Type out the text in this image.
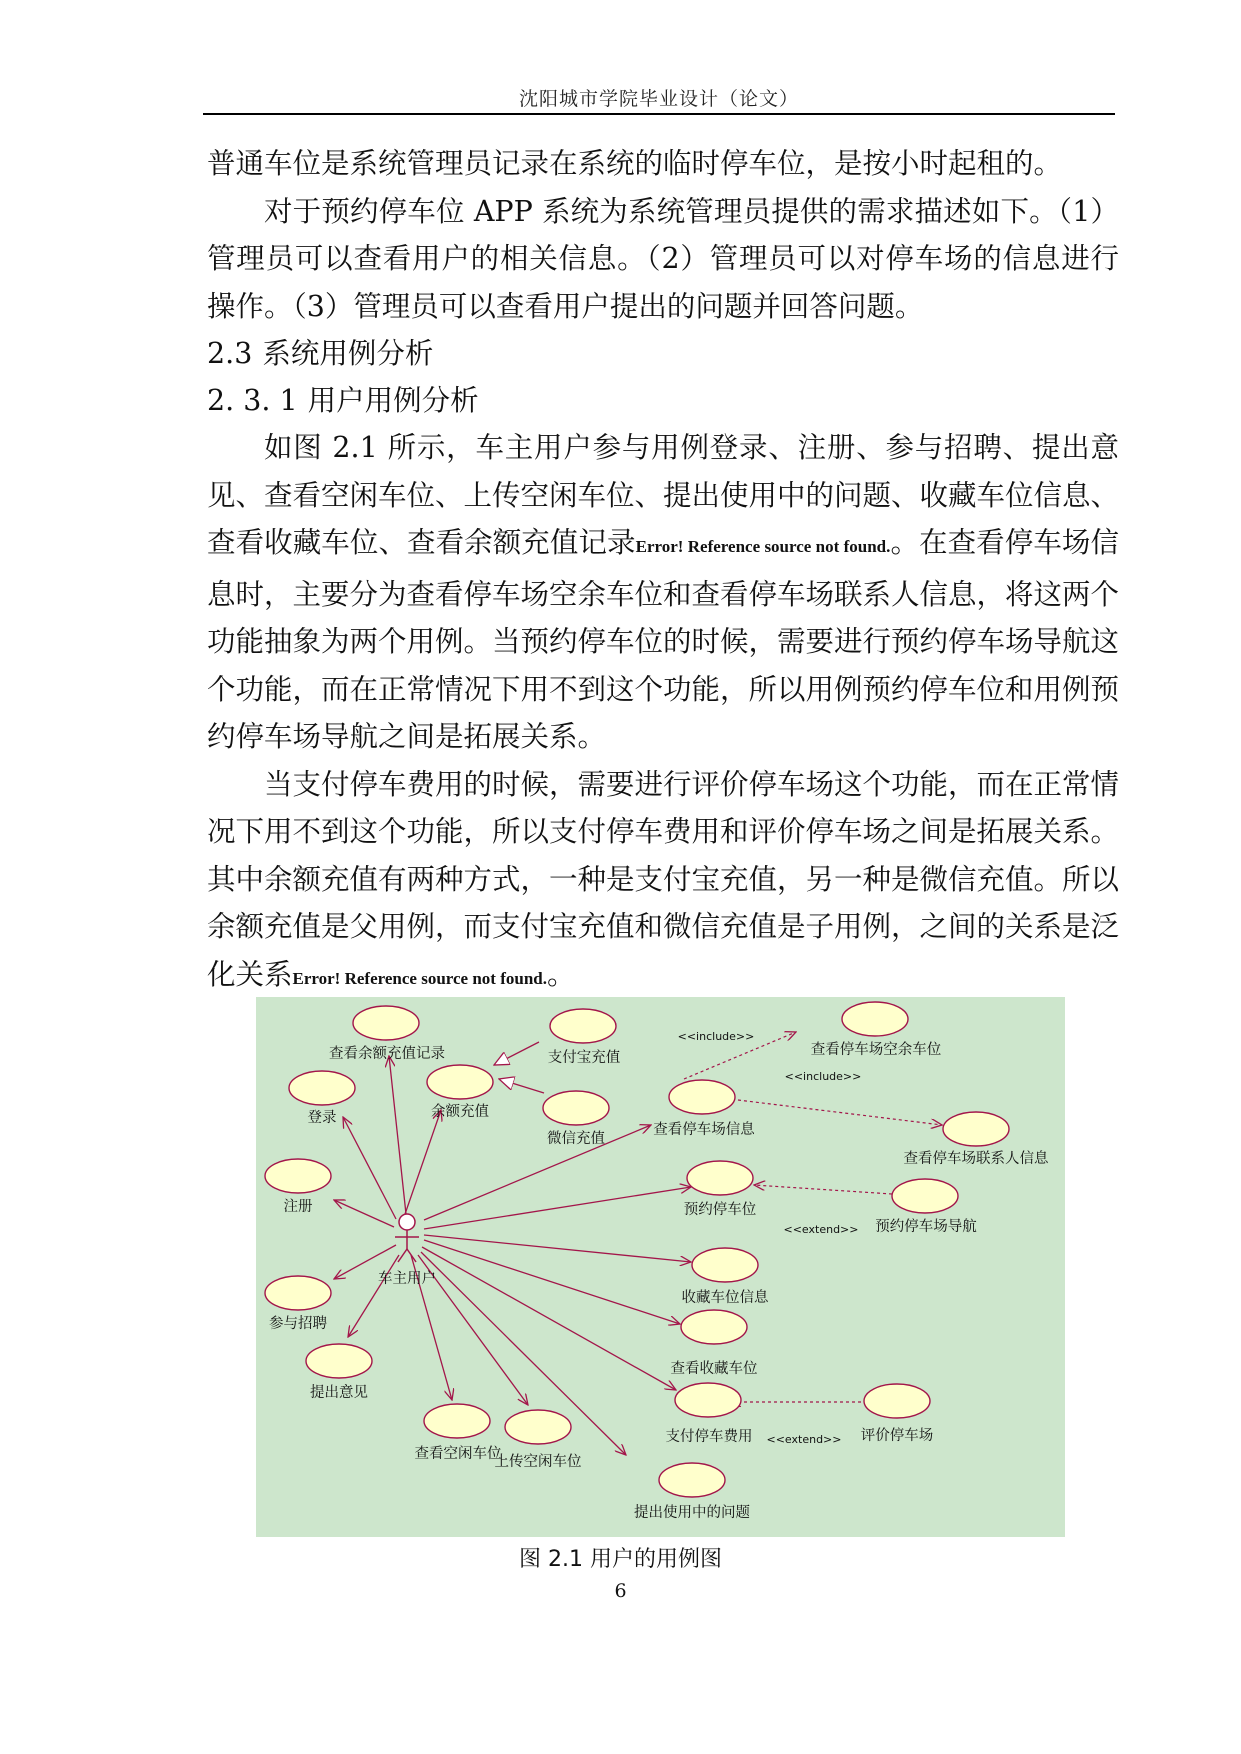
沈阳城市学院毕业设计（论文）

普通车位是系统管理员记录在系统的临时停车位，是按小时起租的。

对于预约停车位 APP 系统为系统管理员提供的需求描述如下。（1）管理员可以查看用户的相关信息。（2）管理员可以对停车场的信息进行操作。（3）管理员可以查看用户提出的问题并回答问题。

2.3 系统用例分析

2. 3. 1 用户用例分析

如图 2.1 所示，车主用户参与用例登录、注册、参与招聘、提出意见、查看空闲车位、上传空闲车位、提出使用中的问题、收藏车位信息、查看收藏车位、查看余额充值记录Error! Reference source not found.。在查看停车场信息时，主要分为查看停车场空余车位和查看停车场联系人信息，将这两个功能抽象为两个用例。当预约停车位的时候，需要进行预约停车场导航这个功能，而在正常情况下用不到这个功能，所以用例预约停车位和用例预约停车场导航之间是拓展关系。

当支付停车费用的时候，需要进行评价停车场这个功能，而在正常情况下用不到这个功能，所以支付停车费用和评价停车场之间是拓展关系。其中余额充值有两种方式，一种是支付宝充值，另一种是微信充值。所以余额充值是父用例，而支付宝充值和微信充值是子用例，之间的关系是泛化关系Error! Reference source not found.。

查看余额充值记录	支付宝充值
余额充值
微信充值
登录
注册
参与招聘
提出意见
查看空闲车位
上传空闲车位
提出使用中的问题
查看停车场信息
查看停车场空余车位
查看停车场联系人信息
预约停车位
预约停车场导航
收藏车位信息
查看收藏车位
支付停车费用	评价停车场
车主用户
<<include>>
<<include>>
<<extend>>
<<extend>>
图 2.1 用户的用例图
6
